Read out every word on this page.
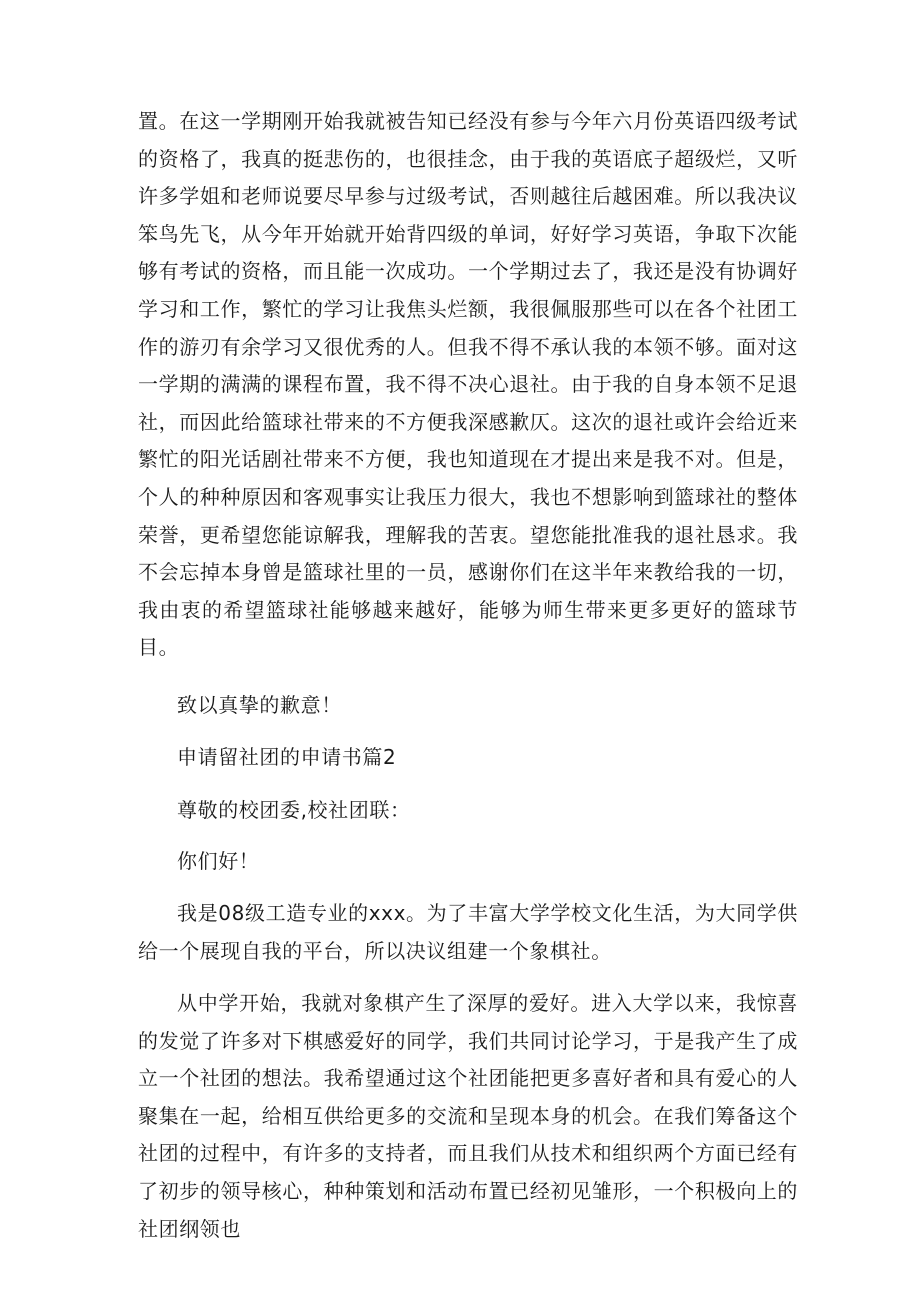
置。在这一学期刚开始我就被告知已经没有参与今年六月份英语四级考试的资格了，我真的挺悲伤的，也很挂念，由于我的英语底子超级烂，又听许多学姐和老师说要尽早参与过级考试，否则越往后越困难。所以我决议笨鸟先飞，从今年开始就开始背四级的单词，好好学习英语，争取下次能够有考试的资格，而且能一次成功。一个学期过去了，我还是没有协调好学习和工作，繁忙的学习让我焦头烂额，我很佩服那些可以在各个社团工作的游刃有余学习又很优秀的人。但我不得不承认我的本领不够。面对这一学期的满满的课程布置，我不得不决心退社。由于我的自身本领不足退社，而因此给篮球社带来的不方便我深感歉仄。这次的退社或许会给近来繁忙的阳光话剧社带来不方便，我也知道现在才提出来是我不对。但是，个人的种种原因和客观事实让我压力很大，我也不想影响到篮球社的整体荣誉，更希望您能谅解我，理解我的苦衷。望您能批准我的退社恳求。我不会忘掉本身曾是篮球社里的一员，感谢你们在这半年来教给我的一切，我由衷的希望篮球社能够越来越好，能够为师生带来更多更好的篮球节目。

致以真挚的歉意！

申请留社团的申请书篇2

尊敬的校团委,校社团联：

你们好！

我是08级工造专业的xxx。为了丰富大学学校文化生活，为大同学供给一个展现自我的平台，所以决议组建一个象棋社。

从中学开始，我就对象棋产生了深厚的爱好。进入大学以来，我惊喜的发觉了许多对下棋感爱好的同学，我们共同讨论学习，于是我产生了成立一个社团的想法。我希望通过这个社团能把更多喜好者和具有爱心的人聚集在一起，给相互供给更多的交流和呈现本身的机会。在我们筹备这个社团的过程中，有许多的支持者，而且我们从技术和组织两个方面已经有了初步的领导核心，种种策划和活动布置已经初见雏形，一个积极向上的社团纲领也
